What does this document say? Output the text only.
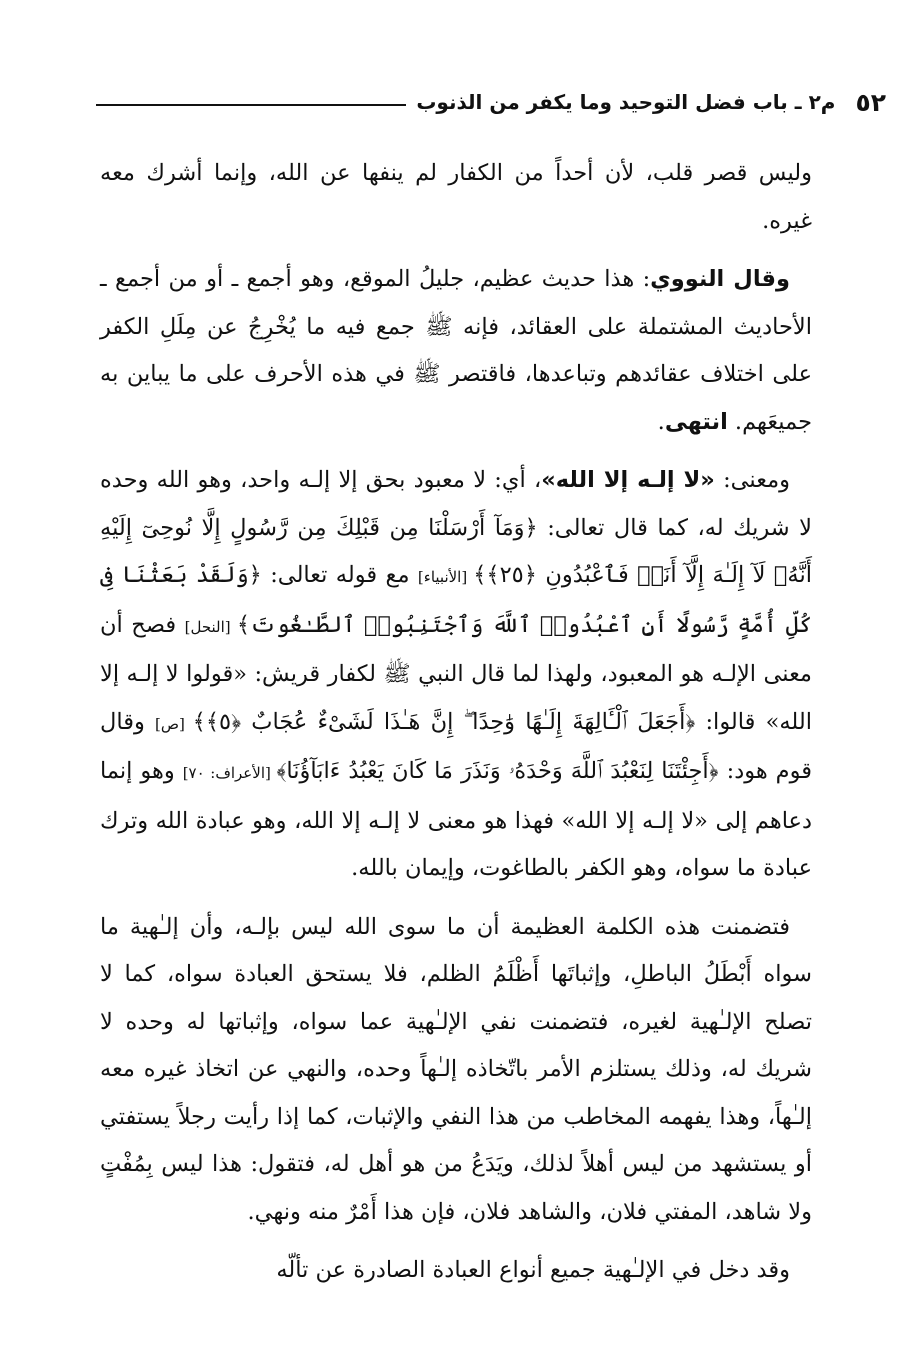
٥٢
م٢ ـ باب فضل التوحيد وما يكفر من الذنوب

وليس قصر قلب، لأن أحداً من الكفار لم ينفها عن الله، وإنما أشرك معه غيره.

وقال النووي: هذا حديث عظيم، جليلُ الموقع، وهو أجمع ـ أو من أجمع ـ الأحاديث المشتملة على العقائد، فإنه ﷺ جمع فيه ما يُخْرِجُ عن مِلَلِ الكفر على اختلاف عقائدهم وتباعدها، فاقتصر ﷺ في هذه الأحرف على ما يباين به جميعَهم. انتهى.

ومعنى: «لا إلـه إلا الله»، أي: لا معبود بحق إلا إلـه واحد، وهو الله وحده لا شريك له، كما قال تعالى: ﴿وَمَآ أَرْسَلْنَا مِن قَبْلِكَ مِن رَّسُولٍ إِلَّا نُوحِىٓ إِلَيْهِ أَنَّهُۥ لَآ إِلَـٰهَ إِلَّآ أَنَا۠ فَٱعْبُدُونِ ﴿٢٥﴾﴾ [الأنبياء] مع قوله تعالى: ﴿وَلَقَدْ بَعَثْنَا فِى كُلِّ أُمَّةٍ رَّسُولًا أَنِ ٱعْبُدُوا۟ ٱللَّهَ وَٱجْتَنِبُوا۟ ٱلطَّـٰغُوتَ﴾ [النحل] فصح أن معنى الإلـه هو المعبود، ولهذا لما قال النبي ﷺ لكفار قريش: «قولوا لا إلـه إلا الله» قالوا: ﴿أَجَعَلَ ٱلْـَٔالِهَةَ إِلَـٰهًا وَٰحِدًا ۖ إِنَّ هَـٰذَا لَشَىْءٌ عُجَابٌ ﴿٥﴾﴾ [ص] وقال قوم هود: ﴿أَجِئْتَنَا لِنَعْبُدَ ٱللَّهَ وَحْدَهُۥ وَنَذَرَ مَا كَانَ يَعْبُدُ ءَابَآؤُنَا﴾ [الأعراف: ٧٠] وهو إنما دعاهم إلى «لا إلـه إلا الله» فهذا هو معنى لا إلـه إلا الله، وهو عبادة الله وترك عبادة ما سواه، وهو الكفر بالطاغوت، وإيمان بالله.

فتضمنت هذه الكلمة العظيمة أن ما سوى الله ليس بإلـه، وأن إلـٰهية ما سواه أَبْطَلُ الباطلِ، وإثباتَها أَظْلَمُ الظلم، فلا يستحق العبادة سواه، كما لا تصلح الإلـٰهية لغيره، فتضمنت نفي الإلـٰهية عما سواه، وإثباتها له وحده لا شريك له، وذلك يستلزم الأمر باتّخاذه إلـٰهاً وحده، والنهي عن اتخاذ غيره معه إلـٰهاً، وهذا يفهمه المخاطب من هذا النفي والإثبات، كما إذا رأيت رجلاً يستفتي أو يستشهد من ليس أهلاً لذلك، ويَدَعُ من هو أهل له، فتقول: هذا ليس بِمُفْتٍ ولا شاهد، المفتي فلان، والشاهد فلان، فإن هذا أَمْرٌ منه ونهي.

وقد دخل في الإلـٰهية جميع أنواع العبادة الصادرة عن تألّه
